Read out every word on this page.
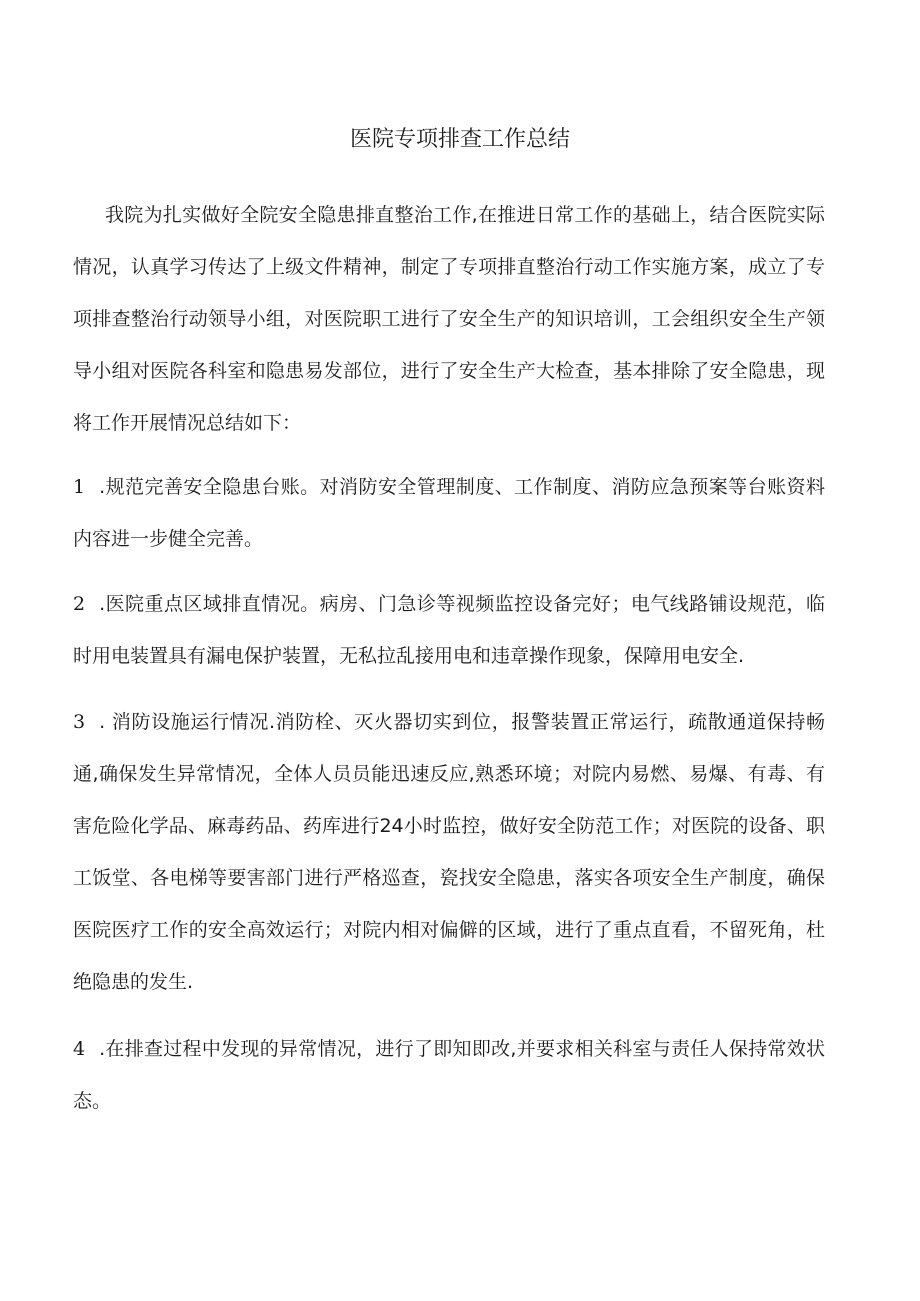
医院专项排查工作总结

我院为扎实做好全院安全隐患排直整治工作,在推进日常工作的基础上，结合医院实际情况，认真学习传达了上级文件精神，制定了专项排直整治行动工作实施方案，成立了专项排查整治行动领导小组，对医院职工进行了安全生产的知识培训，工会组织安全生产领导小组对医院各科室和隐患易发部位，进行了安全生产大检查，基本排除了安全隐患，现将工作开展情况总结如下：

1 .规范完善安全隐患台账。对消防安全管理制度、工作制度、消防应急预案等台账资料内容进一步健全完善。

2 .医院重点区域排直情况。病房、门急诊等视频监控设备完好；电气线路铺设规范，临时用电装置具有漏电保护装置，无私拉乱接用电和违章操作现象，保障用电安全.

3 . 消防设施运行情况.消防栓、灭火器切实到位，报警装置正常运行，疏散通道保持畅通,确保发生异常情况，全体人员员能迅速反应,熟悉环境；对院内易燃、易爆、有毒、有害危险化学品、麻毒药品、药库进行24小时监控，做好安全防范工作；对医院的设备、职工饭堂、各电梯等要害部门进行严格巡查，瓷找安全隐患，落实各项安全生产制度，确保医院医疗工作的安全高效运行；对院内相对偏僻的区域，进行了重点直看，不留死角，杜绝隐患的发生.

4 .在排查过程中发现的异常情况，进行了即知即改,并要求相关科室与责任人保持常效状态。
